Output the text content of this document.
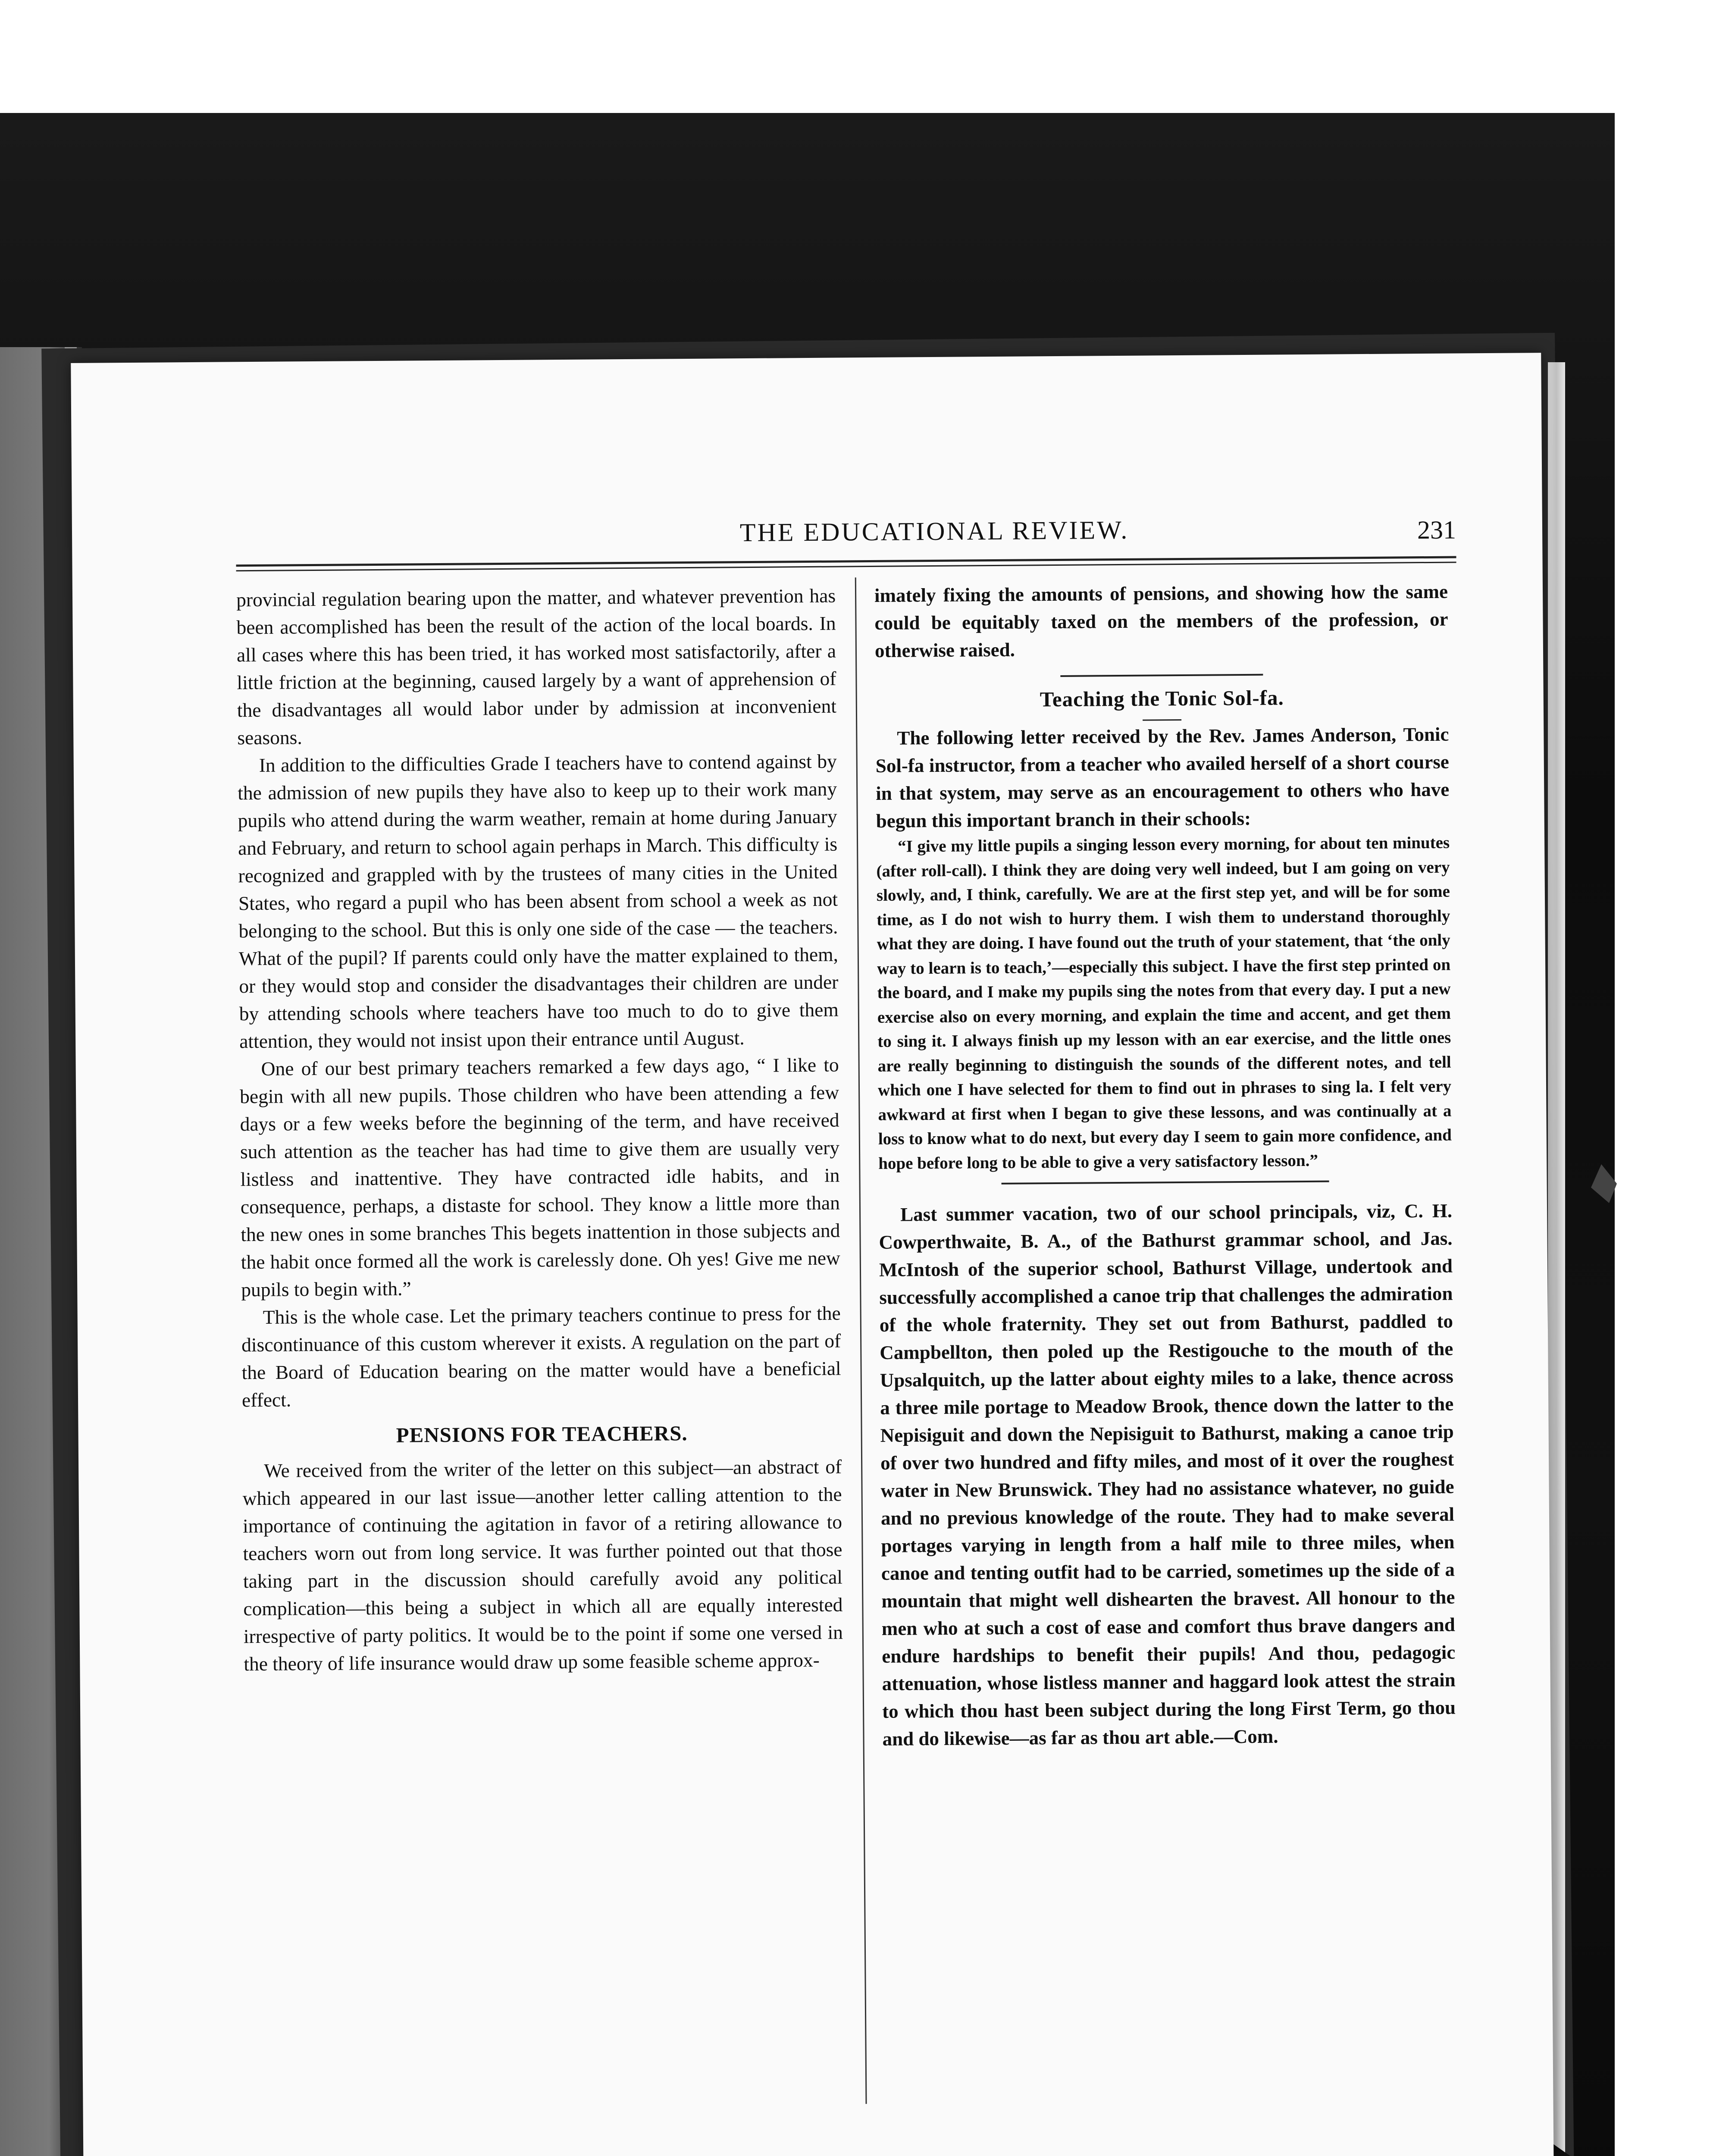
THE EDUCATIONAL REVIEW.	231

provincial regulation bearing upon the matter, and whatever prevention has been accomplished has been the result of the action of the local boards. In all cases where this has been tried, it has worked most satisfactorily, after a little friction at the beginning, caused largely by a want of apprehension of the disadvantages all would labor under by admission at inconvenient seasons.

In addition to the difficulties Grade I teachers have to contend against by the admission of new pupils they have also to keep up to their work many pupils who attend during the warm weather, remain at home during January and February, and return to school again perhaps in March. This difficulty is recognized and grappled with by the trustees of many cities in the United States, who regard a pupil who has been absent from school a week as not belonging to the school. But this is only one side of the case — the teachers. What of the pupil? If parents could only have the matter explained to them, or they would stop and consider the disadvantages their children are under by attending schools where teachers have too much to do to give them attention, they would not insist upon their entrance until August.

One of our best primary teachers remarked a few days ago, “ I like to begin with all new pupils. Those children who have been attending a few days or a few weeks before the beginning of the term, and have received such attention as the teacher has had time to give them are usually very listless and inattentive. They have contracted idle habits, and in consequence, perhaps, a distaste for school. They know a little more than the new ones in some branches This begets inattention in those subjects and the habit once formed all the work is carelessly done. Oh yes! Give me new pupils to begin with.”

This is the whole case. Let the primary teachers continue to press for the discontinuance of this custom wherever it exists. A regulation on the part of the Board of Education bearing on the matter would have a beneficial effect.

PENSIONS FOR TEACHERS.

We received from the writer of the letter on this subject—an abstract of which appeared in our last issue—another letter calling attention to the importance of continuing the agitation in favor of a retiring allowance to teachers worn out from long service. It was further pointed out that those taking part in the discussion should carefully avoid any political complication—this being a subject in which all are equally interested irrespective of party politics. It would be to the point if some one versed in the theory of life insurance would draw up some feasible scheme approx-

imately fixing the amounts of pensions, and showing how the same could be equitably taxed on the members of the profession, or otherwise raised.

Teaching the Tonic Sol-fa.

The following letter received by the Rev. James Anderson, Tonic Sol-fa instructor, from a teacher who availed herself of a short course in that system, may serve as an encouragement to others who have begun this important branch in their schools:

“I give my little pupils a singing lesson every morning, for about ten minutes (after roll-call). I think they are doing very well indeed, but I am going on very slowly, and, I think, carefully. We are at the first step yet, and will be for some time, as I do not wish to hurry them. I wish them to understand thoroughly what they are doing. I have found out the truth of your statement, that ‘the only way to learn is to teach,’—especially this subject. I have the first step printed on the board, and I make my pupils sing the notes from that every day. I put a new exercise also on every morning, and explain the time and accent, and get them to sing it. I always finish up my lesson with an ear exercise, and the little ones are really beginning to distinguish the sounds of the different notes, and tell which one I have selected for them to find out in phrases to sing la. I felt very awkward at first when I began to give these lessons, and was continually at a loss to know what to do next, but every day I seem to gain more confidence, and hope before long to be able to give a very satisfactory lesson.”

Last summer vacation, two of our school principals, viz, C. H. Cowperthwaite, B. A., of the Bathurst grammar school, and Jas. McIntosh of the superior school, Bathurst Village, undertook and successfully accomplished a canoe trip that challenges the admiration of the whole fraternity. They set out from Bathurst, paddled to Campbellton, then poled up the Restigouche to the mouth of the Upsalquitch, up the latter about eighty miles to a lake, thence across a three mile portage to Meadow Brook, thence down the latter to the Nepisiguit and down the Nepisiguit to Bathurst, making a canoe trip of over two hundred and fifty miles, and most of it over the roughest water in New Brunswick. They had no assistance whatever, no guide and no previous knowledge of the route. They had to make several portages varying in length from a half mile to three miles, when canoe and tenting outfit had to be carried, sometimes up the side of a mountain that might well dishearten the bravest. All honour to the men who at such a cost of ease and comfort thus brave dangers and endure hardships to benefit their pupils! And thou, pedagogic attenuation, whose listless manner and haggard look attest the strain to which thou hast been subject during the long First Term, go thou and do likewise—as far as thou art able.—Com.
